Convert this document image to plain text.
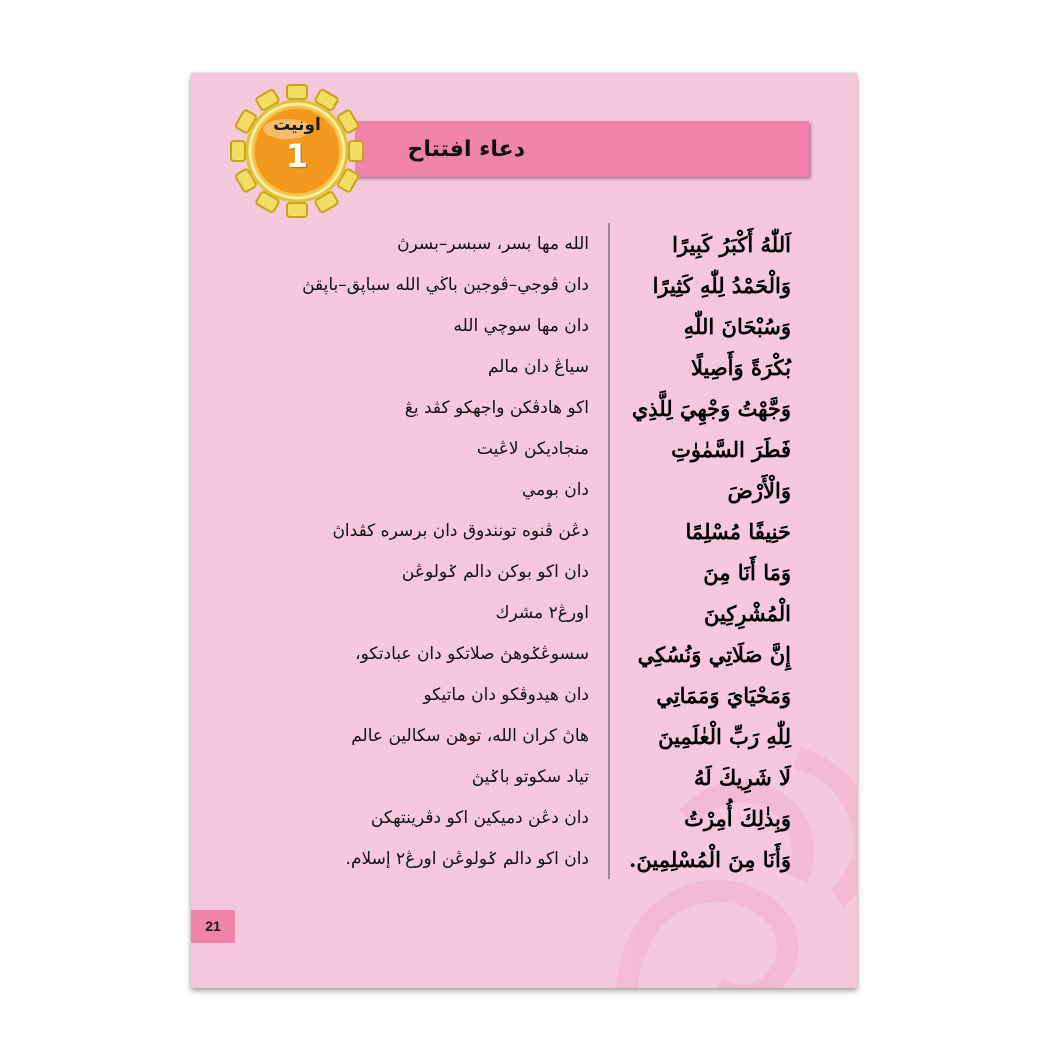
دعاء افتتاح
اونيت
1
اَللّٰهُ أَكْبَرُ كَبِيرًا
وَالْحَمْدُ لِلّٰهِ كَثِيرًا
وَسُبْحَانَ اللّٰهِ
بُكْرَةً وَأَصِيلًا
وَجَّهْتُ وَجْهِيَ لِلَّذِي
فَطَرَ السَّمٰوٰتِ
وَالْأَرْضَ
حَنِيفًا مُسْلِمًا
وَمَا أَنَا مِنَ
الْمُشْرِكِينَ
إِنَّ صَلَاتِي وَنُسُكِي
وَمَحْيَايَ وَمَمَاتِي
لِلّٰهِ رَبِّ الْعٰلَمِينَ
لَا شَرِيكَ لَهُ
وَبِذٰلِكَ أُمِرْتُ
وَأَنَا مِنَ الْمُسْلِمِينَ.
الله مها بسر، سبسر–بسرڽ
دان ڤوجي–ڤوجين باڬي الله سباڽق–باڽقڽ
دان مها سوچي الله
سياڠ دان مالم
اكو هادڤكن واجهكو كڤد يڠ
منجاديكن لاڠيت
دان بومي
دڠن ڤنوه تونندوق دان برسره كڤداڽ
دان اكو بوكن دالم ݢولوڠن
اورڠ٢ مشرك
سسوڠݢوهڽ صلاتكو دان عبادتكو،
دان هيدوڤكو دان ماتيكو
هاڽ كران الله، توهن سكالين عالم
تياد سكوتو باݢيڽ
دان دڠن دميكين اكو دڤرينتهكن
دان اكو دالم ݢولوڠن اورڠ٢ إسلام.
21
